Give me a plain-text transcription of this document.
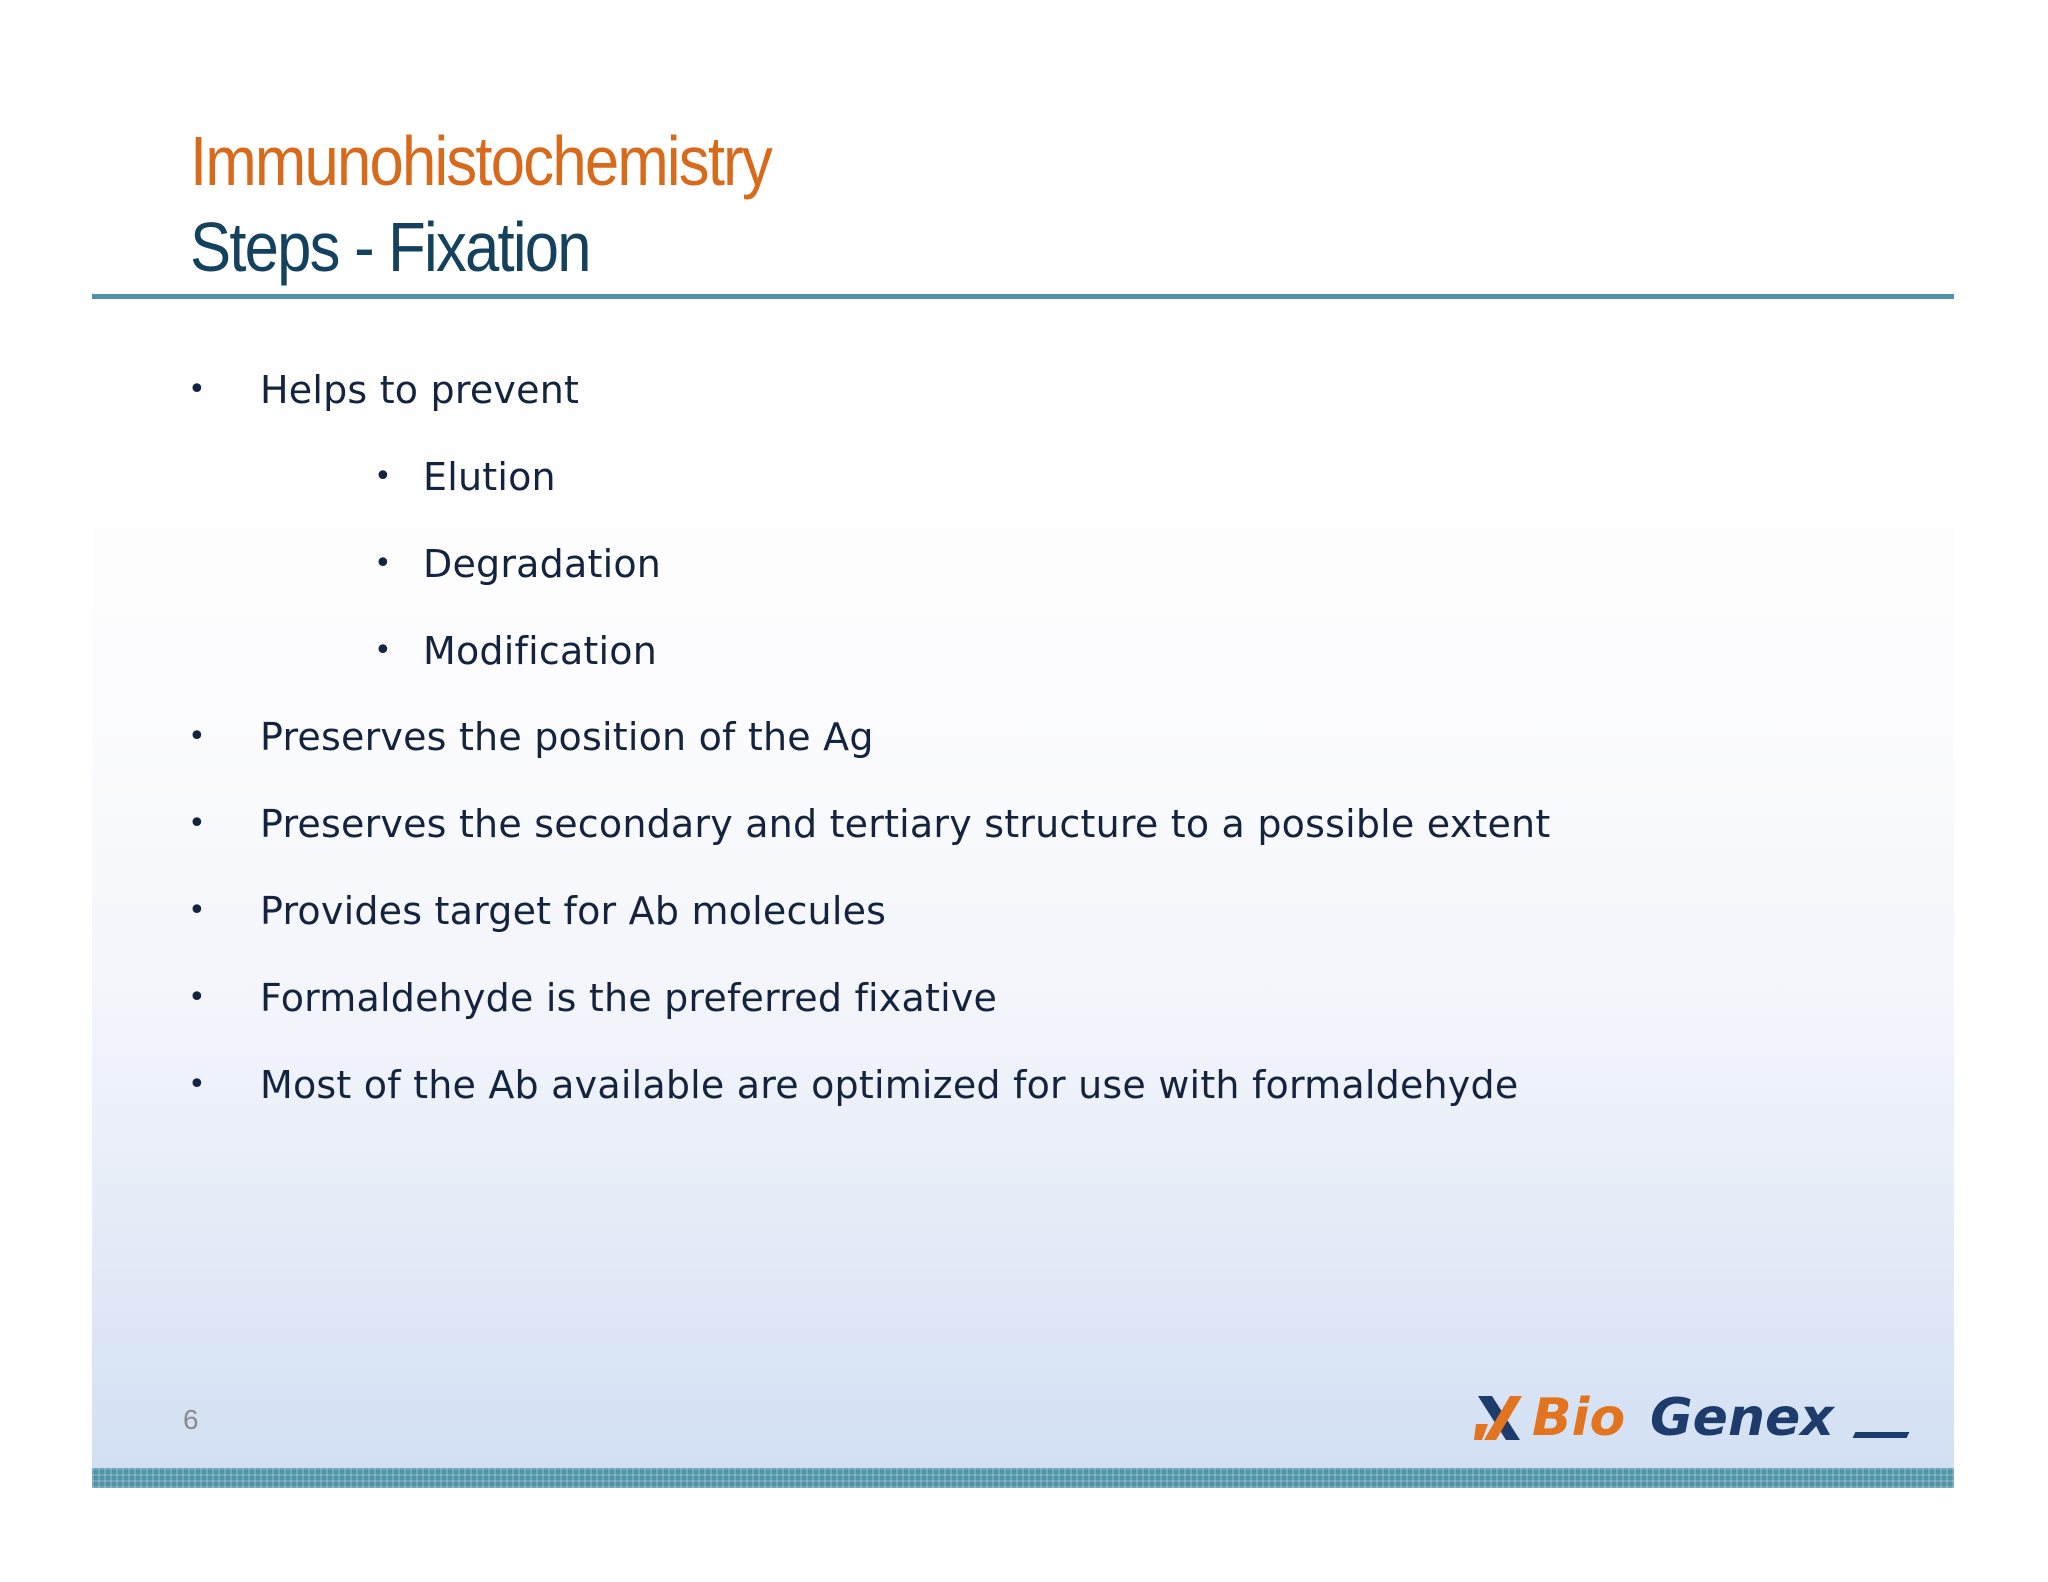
Immunohistochemistry
Steps - Fixation
• Helps to prevent
• Elution
• Degradation
• Modification
• Preserves the position of the Ag
• Preserves the secondary and tertiary structure to a possible extent
• Provides target for Ab molecules
• Formaldehyde is the preferred fixative
• Most of the Ab available are optimized for use with formaldehyde
6	Bio Genex
